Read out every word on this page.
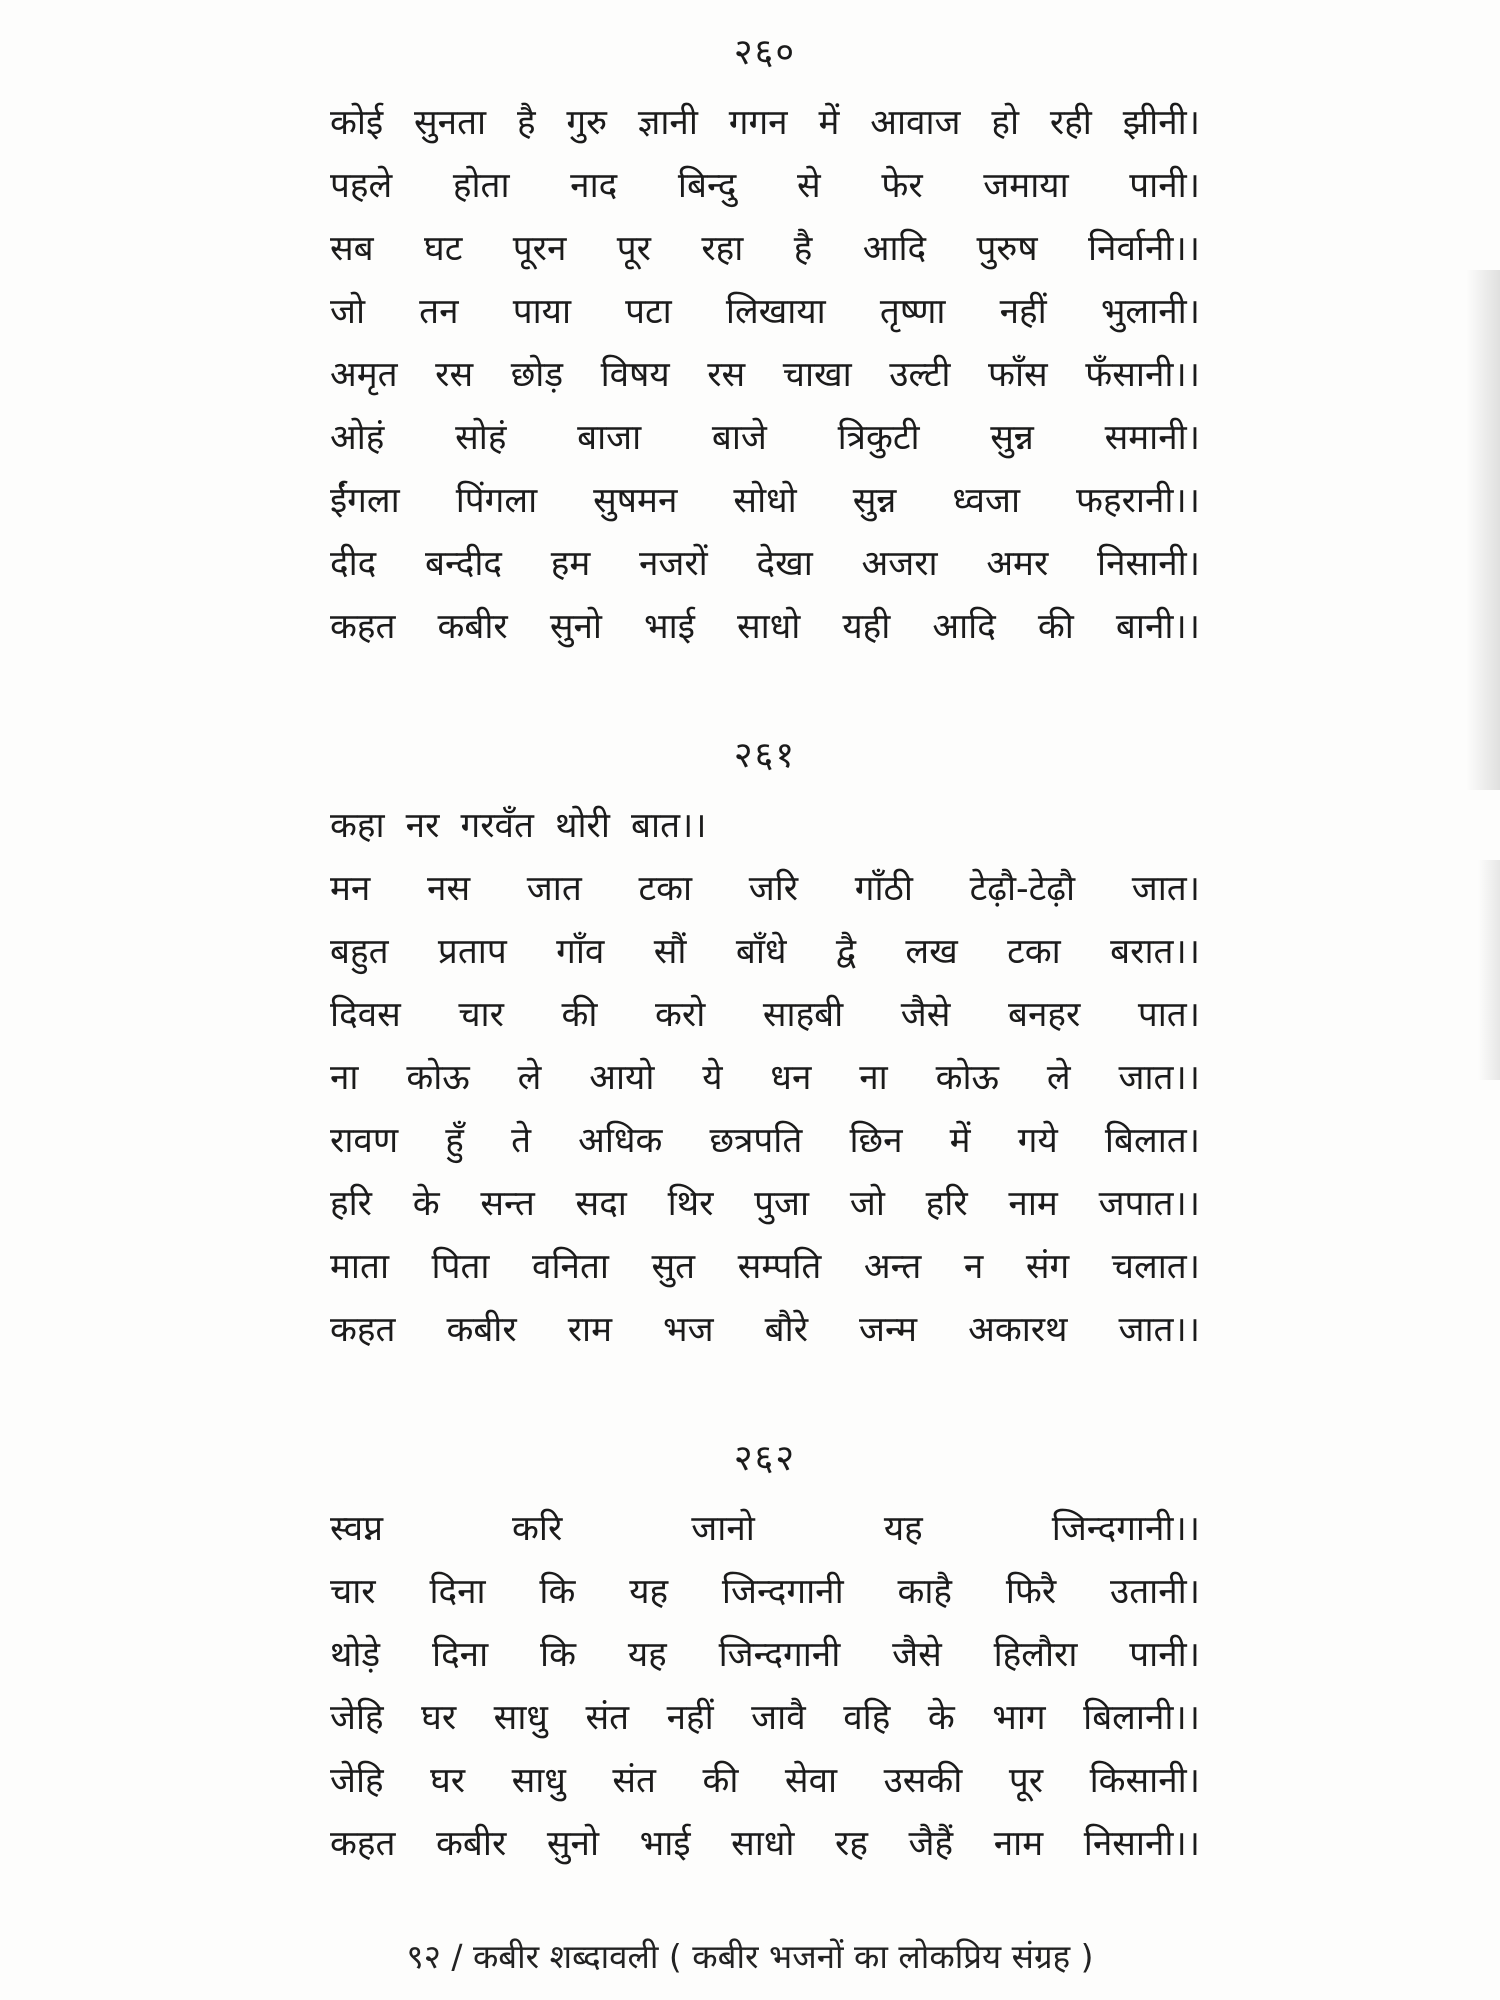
२६०

कोई सुनता है गुरु ज्ञानी गगन में आवाज हो रही झीनी।

पहले होता नाद बिन्दु से फेर जमाया पानी।

सब घट पूरन पूर रहा है आदि पुरुष निर्वानी।।

जो तन पाया पटा लिखाया तृष्णा नहीं भुलानी।

अमृत रस छोड़ विषय रस चाखा उल्टी फाँस फँसानी।।

ओहं सोहं बाजा बाजे त्रिकुटी सुन्न समानी।

ईंगला पिंगला सुषमन सोधो सुन्न ध्वजा फहरानी।।

दीद बन्दीद हम नजरों देखा अजरा अमर निसानी।

कहत कबीर सुनो भाई साधो यही आदि की बानी।।

२६१

कहा नर गरवँत थोरी बात।।

मन नस जात टका जरि गाँठी टेढ़ौ-टेढ़ौ जात।

बहुत प्रताप गाँव सौं बाँधे द्वै लख टका बरात।।

दिवस चार की करो साहबी जैसे बनहर पात।

ना कोऊ ले आयो ये धन ना कोऊ ले जात।।

रावण हुँ ते अधिक छत्रपति छिन में गये बिलात।

हरि के सन्त सदा थिर पुजा जो हरि नाम जपात।।

माता पिता वनिता सुत सम्पति अन्त न संग चलात।

कहत कबीर राम भज बौरे जन्म अकारथ जात।।

२६२

स्वप्न करि जानो यह जिन्दगानी।।

चार दिना कि यह जिन्दगानी काहै फिरै उतानी।

थोड़े दिना कि यह जिन्दगानी जैसे हिलौरा पानी।

जेहि घर साधु संत नहीं जावै वहि के भाग बिलानी।।

जेहि घर साधु संत की सेवा उसकी पूर किसानी।

कहत कबीर सुनो भाई साधो रह जैहैं नाम निसानी।।

९२ / कबीर शब्दावली ( कबीर भजनों का लोकप्रिय संग्रह )
